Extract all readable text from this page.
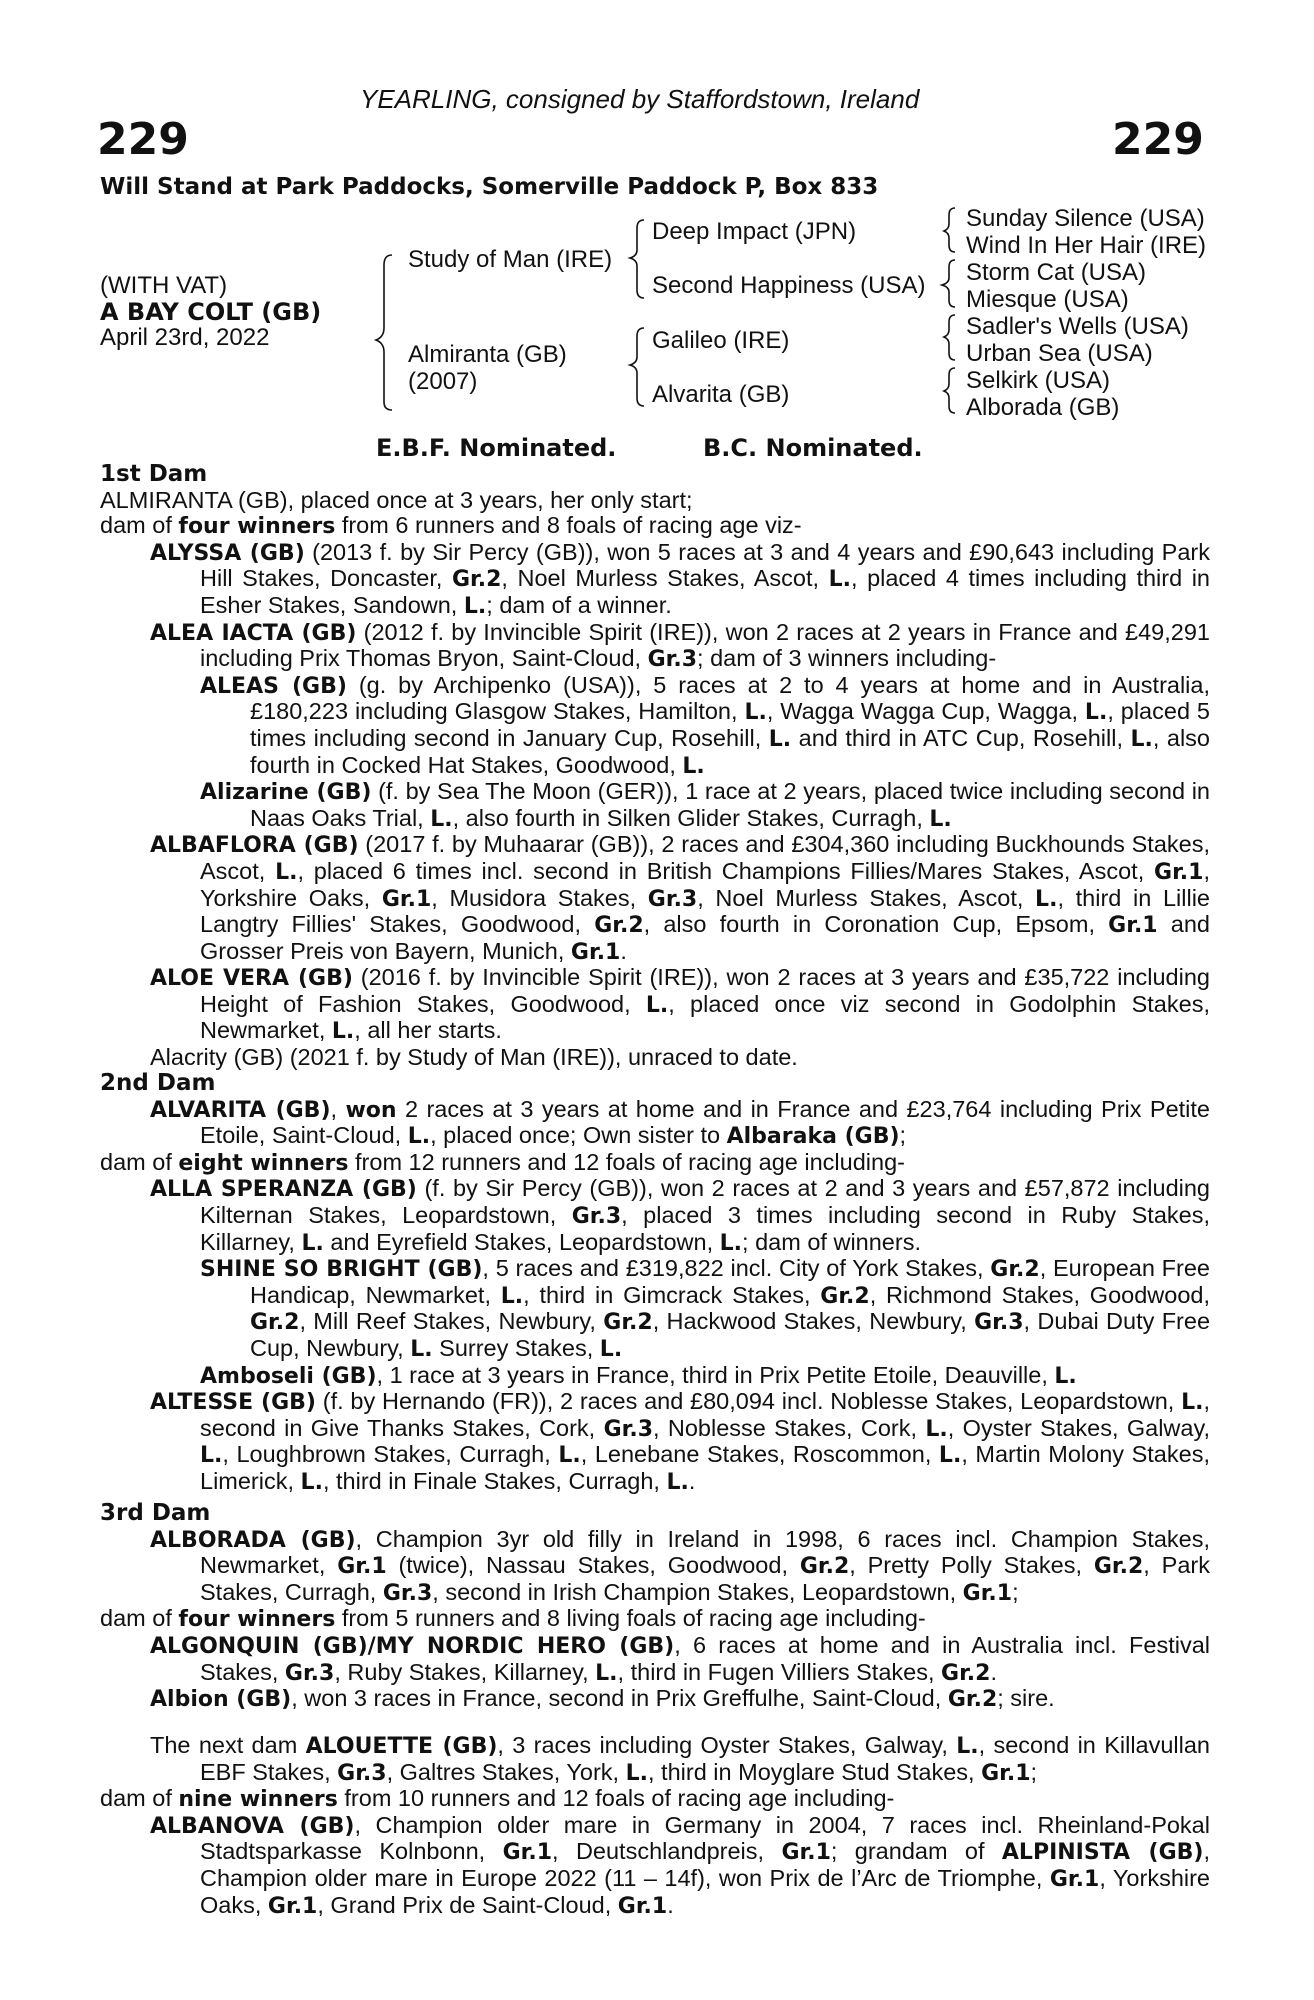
YEARLING, consigned by Staffordstown, Ireland
229	229
Will Stand at Park Paddocks, Somerville Paddock P, Box 833
(WITH VAT)
A BAY COLT (GB)
April 23rd, 2022
Study of Man (IRE)
Almiranta (GB)
(2007)
Deep Impact (JPN)
Second Happiness (USA)
Galileo (IRE)
Alvarita (GB)
Sunday Silence (USA)
Wind In Her Hair (IRE)
Storm Cat (USA)
Miesque (USA)
Sadler's Wells (USA)
Urban Sea (USA)
Selkirk (USA)
Alborada (GB)
E.B.F. Nominated.	B.C. Nominated.
1st Dam
ALMIRANTA (GB), placed once at 3 years, her only start;
dam of four winners from 6 runners and 8 foals of racing age viz-
ALYSSA (GB) (2013 f. by Sir Percy (GB)), won 5 races at 3 and 4 years and £90,643 including Park Hill Stakes, Doncaster, Gr.2, Noel Murless Stakes, Ascot, L., placed 4 times including third in Esher Stakes, Sandown, L.; dam of a winner.
ALEA IACTA (GB) (2012 f. by Invincible Spirit (IRE)), won 2 races at 2 years in France and £49,291 including Prix Thomas Bryon, Saint-Cloud, Gr.3; dam of 3 winners including-
ALEAS (GB) (g. by Archipenko (USA)), 5 races at 2 to 4 years at home and in Australia, £180,223 including Glasgow Stakes, Hamilton, L., Wagga Wagga Cup, Wagga, L., placed 5 times including second in January Cup, Rosehill, L. and third in ATC Cup, Rosehill, L., also fourth in Cocked Hat Stakes, Goodwood, L.
Alizarine (GB) (f. by Sea The Moon (GER)), 1 race at 2 years, placed twice including second in Naas Oaks Trial, L., also fourth in Silken Glider Stakes, Curragh, L.
ALBAFLORA (GB) (2017 f. by Muhaarar (GB)), 2 races and £304,360 including Buckhounds Stakes, Ascot, L., placed 6 times incl. second in British Champions Fillies/Mares Stakes, Ascot, Gr.1, Yorkshire Oaks, Gr.1, Musidora Stakes, Gr.3, Noel Murless Stakes, Ascot, L., third in Lillie Langtry Fillies' Stakes, Goodwood, Gr.2, also fourth in Coronation Cup, Epsom, Gr.1 and Grosser Preis von Bayern, Munich, Gr.1.
ALOE VERA (GB) (2016 f. by Invincible Spirit (IRE)), won 2 races at 3 years and £35,722 including Height of Fashion Stakes, Goodwood, L., placed once viz second in Godolphin Stakes, Newmarket, L., all her starts.
Alacrity (GB) (2021 f. by Study of Man (IRE)), unraced to date.
2nd Dam
ALVARITA (GB), won 2 races at 3 years at home and in France and £23,764 including Prix Petite Etoile, Saint-Cloud, L., placed once; Own sister to Albaraka (GB);
dam of eight winners from 12 runners and 12 foals of racing age including-
ALLA SPERANZA (GB) (f. by Sir Percy (GB)), won 2 races at 2 and 3 years and £57,872 including Kilternan Stakes, Leopardstown, Gr.3, placed 3 times including second in Ruby Stakes, Killarney, L. and Eyrefield Stakes, Leopardstown, L.; dam of winners.
SHINE SO BRIGHT (GB), 5 races and £319,822 incl. City of York Stakes, Gr.2, European Free Handicap, Newmarket, L., third in Gimcrack Stakes, Gr.2, Richmond Stakes, Goodwood, Gr.2, Mill Reef Stakes, Newbury, Gr.2, Hackwood Stakes, Newbury, Gr.3, Dubai Duty Free Cup, Newbury, L. Surrey Stakes, L.
Amboseli (GB), 1 race at 3 years in France, third in Prix Petite Etoile, Deauville, L.
ALTESSE (GB) (f. by Hernando (FR)), 2 races and £80,094 incl. Noblesse Stakes, Leopardstown, L., second in Give Thanks Stakes, Cork, Gr.3, Noblesse Stakes, Cork, L., Oyster Stakes, Galway, L., Loughbrown Stakes, Curragh, L., Lenebane Stakes, Roscommon, L., Martin Molony Stakes, Limerick, L., third in Finale Stakes, Curragh, L..
3rd Dam
ALBORADA (GB), Champion 3yr old filly in Ireland in 1998, 6 races incl. Champion Stakes, Newmarket, Gr.1 (twice), Nassau Stakes, Goodwood, Gr.2, Pretty Polly Stakes, Gr.2, Park Stakes, Curragh, Gr.3, second in Irish Champion Stakes, Leopardstown, Gr.1;
dam of four winners from 5 runners and 8 living foals of racing age including-
ALGONQUIN (GB)/MY NORDIC HERO (GB), 6 races at home and in Australia incl. Festival Stakes, Gr.3, Ruby Stakes, Killarney, L., third in Fugen Villiers Stakes, Gr.2.
Albion (GB), won 3 races in France, second in Prix Greffulhe, Saint-Cloud, Gr.2; sire.
The next dam ALOUETTE (GB), 3 races including Oyster Stakes, Galway, L., second in Killavullan EBF Stakes, Gr.3, Galtres Stakes, York, L., third in Moyglare Stud Stakes, Gr.1;
dam of nine winners from 10 runners and 12 foals of racing age including-
ALBANOVA (GB), Champion older mare in Germany in 2004, 7 races incl. Rheinland-Pokal Stadtsparkasse Kolnbonn, Gr.1, Deutschlandpreis, Gr.1; grandam of ALPINISTA (GB), Champion older mare in Europe 2022 (11 – 14f), won Prix de l’Arc de Triomphe, Gr.1, Yorkshire Oaks, Gr.1, Grand Prix de Saint-Cloud, Gr.1.
